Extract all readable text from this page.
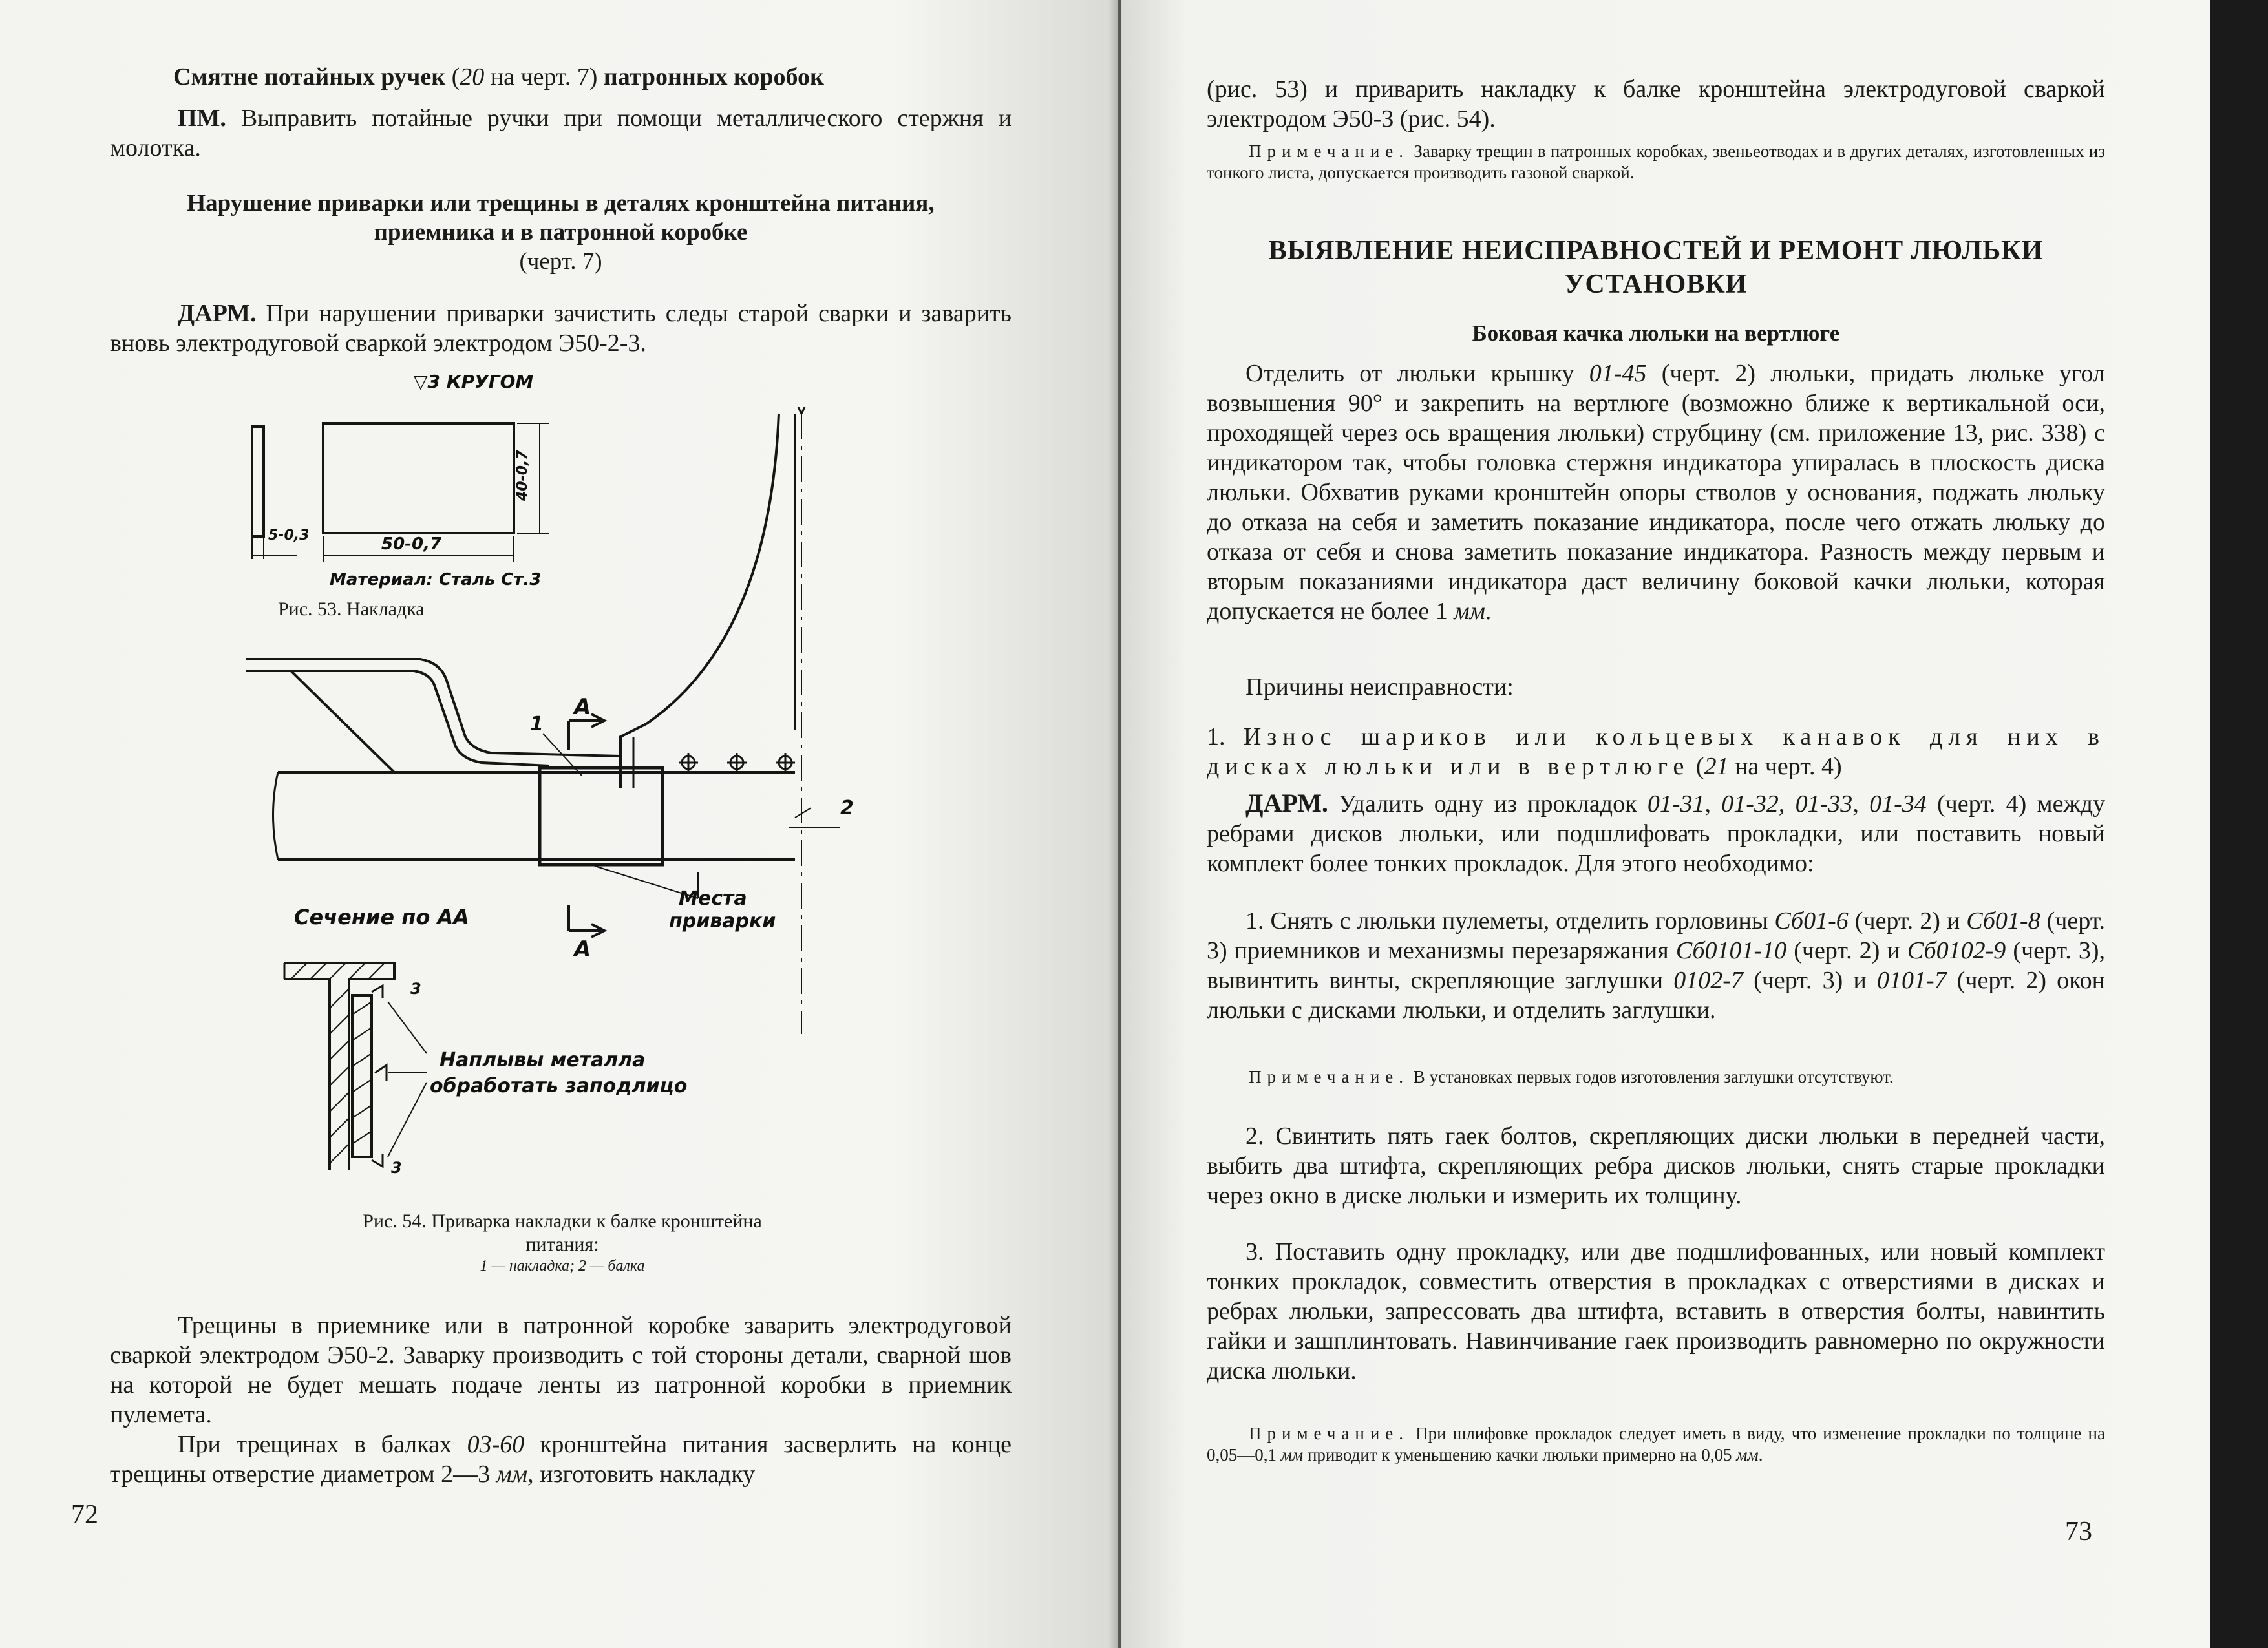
Смятне потайных ручек (20 на черт. 7) патронных коробок
ПМ. Выправить потайные ручки при помощи металлического стержня и молотка.
Нарушение приварки или трещины в деталях кронштейна питания,
приемника и в патронной коробке
(черт. 7)
ДАРМ. При нарушении приварки зачистить следы старой сварки и заварить вновь электродуговой сваркой электродом Э50-2-3.
▽3 КРУГОМ
5-0,3	50-0,7
40-0,7
Материал: Сталь Ст.3
1
А
2
Места
приварки
Сечение по АА
А
3
3
Наплывы металла
обработать заподлицо
Рис. 53. Накладка
Рис. 54. Приварка накладки к балке кронштейна
питания:
1 — накладка; 2 — балка
Трещины в приемнике или в патронной коробке заварить электродуговой сваркой электродом Э50-2. Заварку производить с той стороны детали, сварной шов на которой не будет мешать подаче ленты из патронной коробки в приемник пулемета.
При трещинах в балках 03-60 кронштейна питания засверлить на конце трещины отверстие диаметром 2—3 мм, изготовить накладку
72
(рис. 53) и приварить накладку к балке кронштейна электродуговой сваркой электродом Э50-3 (рис. 54).
Примечание. Заварку трещин в патронных коробках, звеньеотводах и в других деталях, изготовленных из тонкого листа, допускается производить газовой сваркой.
ВЫЯВЛЕНИЕ НЕИСПРАВНОСТЕЙ И РЕМОНТ ЛЮЛЬКИ
УСТАНОВКИ
Боковая качка люльки на вертлюге
Отделить от люльки крышку 01-45 (черт. 2) люльки, придать люльке угол возвышения 90° и закрепить на вертлюге (возможно ближе к вертикальной оси, проходящей через ось вращения люльки) струбцину (см. приложение 13, рис. 338) с индикатором так, чтобы головка стержня индикатора упиралась в плоскость диска люльки. Обхватив руками кронштейн опоры стволов у основания, поджать люльку до отказа на себя и заметить показание индикатора, после чего отжать люльку до отказа от себя и снова заметить показание индикатора. Разность между первым и вторым показаниями индикатора даст величину боковой качки люльки, которая допускается не более 1 мм.
Причины неисправности:
1. Износ шариков или кольцевых канавок для них в дисках люльки или в вертлюге (21 на черт. 4)
ДАРМ. Удалить одну из прокладок 01-31, 01-32, 01-33, 01-34 (черт. 4) между ребрами дисков люльки, или подшлифовать прокладки, или поставить новый комплект более тонких прокладок. Для этого необходимо:
1. Снять с люльки пулеметы, отделить горловины Сб01-6 (черт. 2) и Сб01-8 (черт. 3) приемников и механизмы перезаряжания Сб0101-10 (черт. 2) и Сб0102-9 (черт. 3), вывинтить винты, скрепляющие заглушки 0102-7 (черт. 3) и 0101-7 (черт. 2) окон люльки с дисками люльки, и отделить заглушки.
Примечание. В установках первых годов изготовления заглушки отсутствуют.
2. Свинтить пять гаек болтов, скрепляющих диски люльки в передней части, выбить два штифта, скрепляющих ребра дисков люльки, снять старые прокладки через окно в диске люльки и измерить их толщину.
3. Поставить одну прокладку, или две подшлифованных, или новый комплект тонких прокладок, совместить отверстия в прокладках с отверстиями в дисках и ребрах люльки, запрессовать два штифта, вставить в отверстия болты, навинтить гайки и зашплинтовать. Навинчивание гаек производить равномерно по окружности диска люльки.
Примечание. При шлифовке прокладок следует иметь в виду, что изменение прокладки по толщине на 0,05—0,1 мм приводит к уменьшению качки люльки примерно на 0,05 мм.
73
